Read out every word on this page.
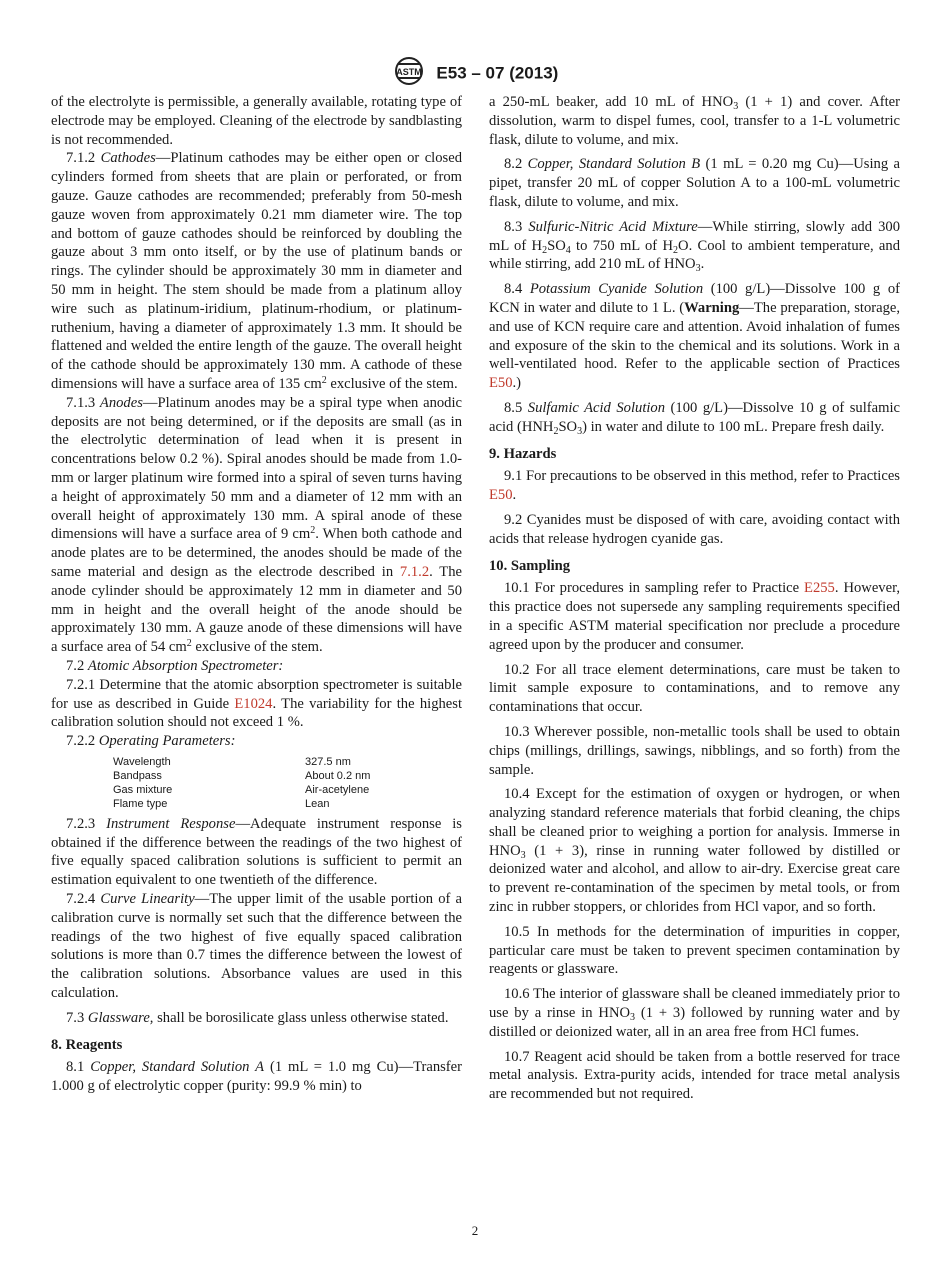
ASTM E53 – 07 (2013)

of the electrolyte is permissible, a generally available, rotating type of electrode may be employed. Cleaning of the electrode by sandblasting is not recommended.

7.1.2 Cathodes—Platinum cathodes may be either open or closed cylinders formed from sheets that are plain or perforated, or from gauze. Gauze cathodes are recommended; preferably from 50-mesh gauze woven from approximately 0.21 mm diameter wire. The top and bottom of gauze cathodes should be reinforced by doubling the gauze about 3 mm onto itself, or by the use of platinum bands or rings. The cylinder should be approximately 30 mm in diameter and 50 mm in height. The stem should be made from a platinum alloy wire such as platinum-iridium, platinum-rhodium, or platinum-ruthenium, having a diameter of approximately 1.3 mm. It should be flattened and welded the entire length of the gauze. The overall height of the cathode should be approximately 130 mm. A cathode of these dimensions will have a surface area of 135 $cm^2$ exclusive of the stem.

7.1.3 Anodes—Platinum anodes may be a spiral type when anodic deposits are not being determined, or if the deposits are small (as in the electrolytic determination of lead when it is present in concentrations below 0.2 %). Spiral anodes should be made from 1.0-mm or larger platinum wire formed into a spiral of seven turns having a height of approximately 50 mm and a diameter of 12 mm with an overall height of approximately 130 mm. A spiral anode of these dimensions will have a surface area of 9 $cm^2$. When both cathode and anode plates are to be determined, the anodes should be made of the same material and design as the electrode described in 7.1.2. The anode cylinder should be approximately 12 mm in diameter and 50 mm in height and the overall height of the anode should be approximately 130 mm. A gauze anode of these dimensions will have a surface area of 54 $cm^2$ exclusive of the stem.

7.2 Atomic Absorption Spectrometer:

7.2.1 Determine that the atomic absorption spectrometer is suitable for use as described in Guide E1024. The variability for the highest calibration solution should not exceed 1 %.

7.2.2 Operating Parameters:

Wavelength	327.5 nm
Bandpass	About 0.2 nm
Gas mixture	Air-acetylene
Flame type	Lean

7.2.3 Instrument Response—Adequate instrument response is obtained if the difference between the readings of the two highest of five equally spaced calibration solutions is sufficient to permit an estimation equivalent to one twentieth of the difference.

7.2.4 Curve Linearity—The upper limit of the usable portion of a calibration curve is normally set such that the difference between the readings of the two highest of five equally spaced calibration solutions is more than 0.7 times the difference between the lowest of the calibration solutions. Absorbance values are used in this calculation.

7.3 Glassware, shall be borosilicate glass unless otherwise stated.

8. Reagents

8.1 Copper, Standard Solution A (1 mL = 1.0 mg Cu)—Transfer 1.000 g of electrolytic copper (purity: 99.9 % min) to

a 250-mL beaker, add 10 mL of $HNO_3$ (1 + 1) and cover. After dissolution, warm to dispel fumes, cool, transfer to a 1-L volumetric flask, dilute to volume, and mix.

8.2 Copper, Standard Solution B (1 mL = 0.20 mg Cu)—Using a pipet, transfer 20 mL of copper Solution A to a 100-mL volumetric flask, dilute to volume, and mix.

8.3 Sulfuric-Nitric Acid Mixture—While stirring, slowly add 300 mL of $H_2SO_4$ to 750 mL of $H_2O$. Cool to ambient temperature, and while stirring, add 210 mL of $HNO_3$.

8.4 Potassium Cyanide Solution (100 g/L)—Dissolve 100 g of KCN in water and dilute to 1 L. (Warning—The preparation, storage, and use of KCN require care and attention. Avoid inhalation of fumes and exposure of the skin to the chemical and its solutions. Work in a well-ventilated hood. Refer to the applicable section of Practices E50.)

8.5 Sulfamic Acid Solution (100 g/L)—Dissolve 10 g of sulfamic acid $(HNH_2SO_3)$ in water and dilute to 100 mL. Prepare fresh daily.

9. Hazards

9.1 For precautions to be observed in this method, refer to Practices E50.

9.2 Cyanides must be disposed of with care, avoiding contact with acids that release hydrogen cyanide gas.

10. Sampling

10.1 For procedures in sampling refer to Practice E255. However, this practice does not supersede any sampling requirements specified in a specific ASTM material specification nor preclude a procedure agreed upon by the producer and consumer.

10.2 For all trace element determinations, care must be taken to limit sample exposure to contaminations, and to remove any contaminations that occur.

10.3 Wherever possible, non-metallic tools shall be used to obtain chips (millings, drillings, sawings, nibblings, and so forth) from the sample.

10.4 Except for the estimation of oxygen or hydrogen, or when analyzing standard reference materials that forbid cleaning, the chips shall be cleaned prior to weighing a portion for analysis. Immerse in $HNO_3$ (1 + 3), rinse in running water followed by distilled or deionized water and alcohol, and allow to air-dry. Exercise great care to prevent re-contamination of the specimen by metal tools, or from zinc in rubber stoppers, or chlorides from HCl vapor, and so forth.

10.5 In methods for the determination of impurities in copper, particular care must be taken to prevent specimen contamination by reagents or glassware.

10.6 The interior of glassware shall be cleaned immediately prior to use by a rinse in $HNO_3$ (1 + 3) followed by running water and by distilled or deionized water, all in an area free from HCl fumes.

10.7 Reagent acid should be taken from a bottle reserved for trace metal analysis. Extra-purity acids, intended for trace metal analysis are recommended but not required.

2
